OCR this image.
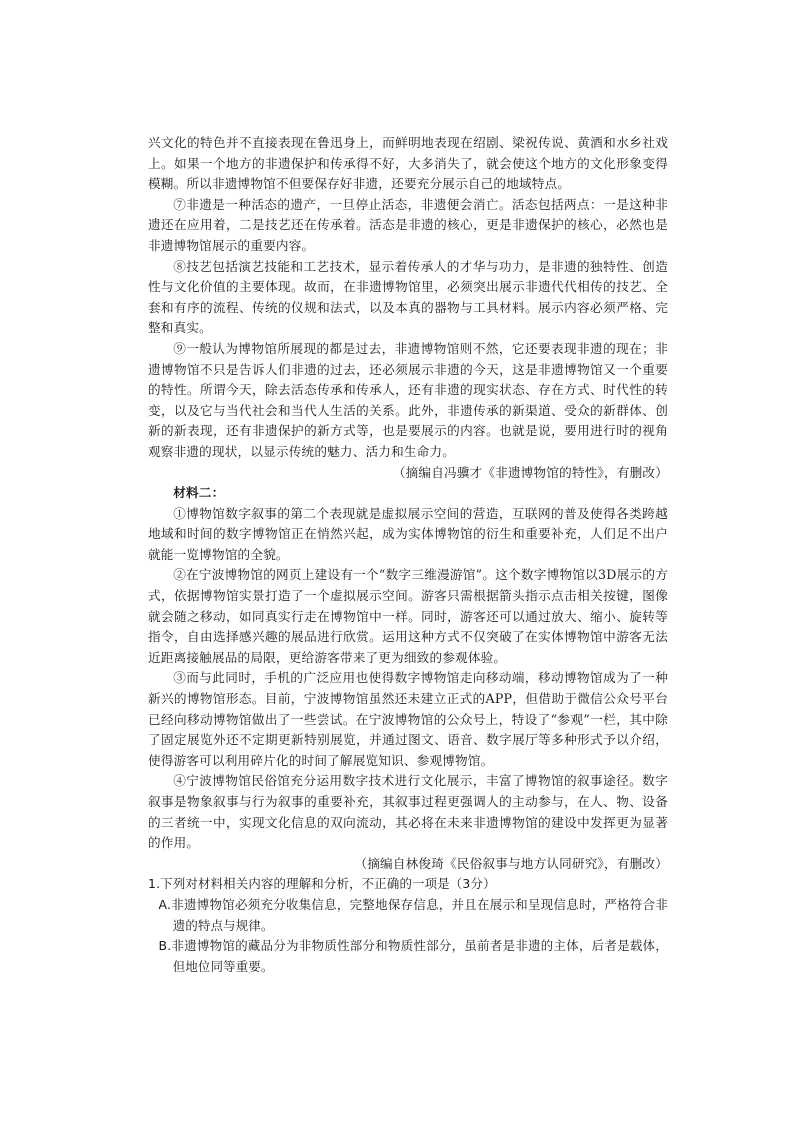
兴文化的特色并不直接表现在鲁迅身上，而鲜明地表现在绍剧、梁祝传说、黄酒和水乡社戏上。如果一个地方的非遗保护和传承得不好，大多消失了，就会使这个地方的文化形象变得模糊。所以非遗博物馆不但要保存好非遗，还要充分展示自己的地域特点。

⑦非遗是一种活态的遗产，一旦停止活态，非遗便会消亡。活态包括两点：一是这种非遗还在应用着，二是技艺还在传承着。活态是非遗的核心，更是非遗保护的核心，必然也是非遗博物馆展示的重要内容。

⑧技艺包括演艺技能和工艺技术，显示着传承人的才华与功力，是非遗的独特性、创造性与文化价值的主要体现。故而，在非遗博物馆里，必须突出展示非遗代代相传的技艺、全套和有序的流程、传统的仪规和法式，以及本真的器物与工具材料。展示内容必须严格、完整和真实。

⑨一般认为博物馆所展现的都是过去，非遗博物馆则不然，它还要表现非遗的现在；非遗博物馆不只是告诉人们非遗的过去，还必须展示非遗的今天，这是非遗博物馆又一个重要的特性。所谓今天，除去活态传承和传承人，还有非遗的现实状态、存在方式、时代性的转变，以及它与当代社会和当代人生活的关系。此外，非遗传承的新渠道、受众的新群体、创新的新表现，还有非遗保护的新方式等，也是要展示的内容。也就是说，要用进行时的视角观察非遗的现状，以显示传统的魅力、活力和生命力。

（摘编自冯骥才《非遗博物馆的特性》，有删改）

材料二：

①博物馆数字叙事的第二个表现就是虚拟展示空间的营造，互联网的普及使得各类跨越地域和时间的数字博物馆正在悄然兴起，成为实体博物馆的衍生和重要补充，人们足不出户就能一览博物馆的全貌。

②在宁波博物馆的网页上建设有一个“数字三维漫游馆”。这个数字博物馆以3D展示的方式，依据博物馆实景打造了一个虚拟展示空间。游客只需根据箭头指示点击相关按键，图像就会随之移动，如同真实行走在博物馆中一样。同时，游客还可以通过放大、缩小、旋转等指令，自由选择感兴趣的展品进行欣赏。运用这种方式不仅突破了在实体博物馆中游客无法近距离接触展品的局限，更给游客带来了更为细致的参观体验。

③而与此同时，手机的广泛应用也使得数字博物馆走向移动端，移动博物馆成为了一种新兴的博物馆形态。目前，宁波博物馆虽然还未建立正式的APP，但借助于微信公众号平台已经向移动博物馆做出了一些尝试。在宁波博物馆的公众号上，特设了“参观”一栏，其中除了固定展览外还不定期更新特别展览，并通过图文、语音、数字展厅等多种形式予以介绍，使得游客可以利用碎片化的时间了解展览知识、参观博物馆。

④宁波博物馆民俗馆充分运用数字技术进行文化展示，丰富了博物馆的叙事途径。数字叙事是物象叙事与行为叙事的重要补充，其叙事过程更强调人的主动参与，在人、物、设备的三者统一中，实现文化信息的双向流动，其必将在未来非遗博物馆的建设中发挥更为显著的作用。

（摘编自林俊琦《民俗叙事与地方认同研究》，有删改）

1.下列对材料相关内容的理解和分析，不正确的一项是（3分）

A.非遗博物馆必须充分收集信息，完整地保存信息，并且在展示和呈现信息时，严格符合非遗的特点与规律。

B.非遗博物馆的藏品分为非物质性部分和物质性部分，虽前者是非遗的主体，后者是载体，但地位同等重要。
